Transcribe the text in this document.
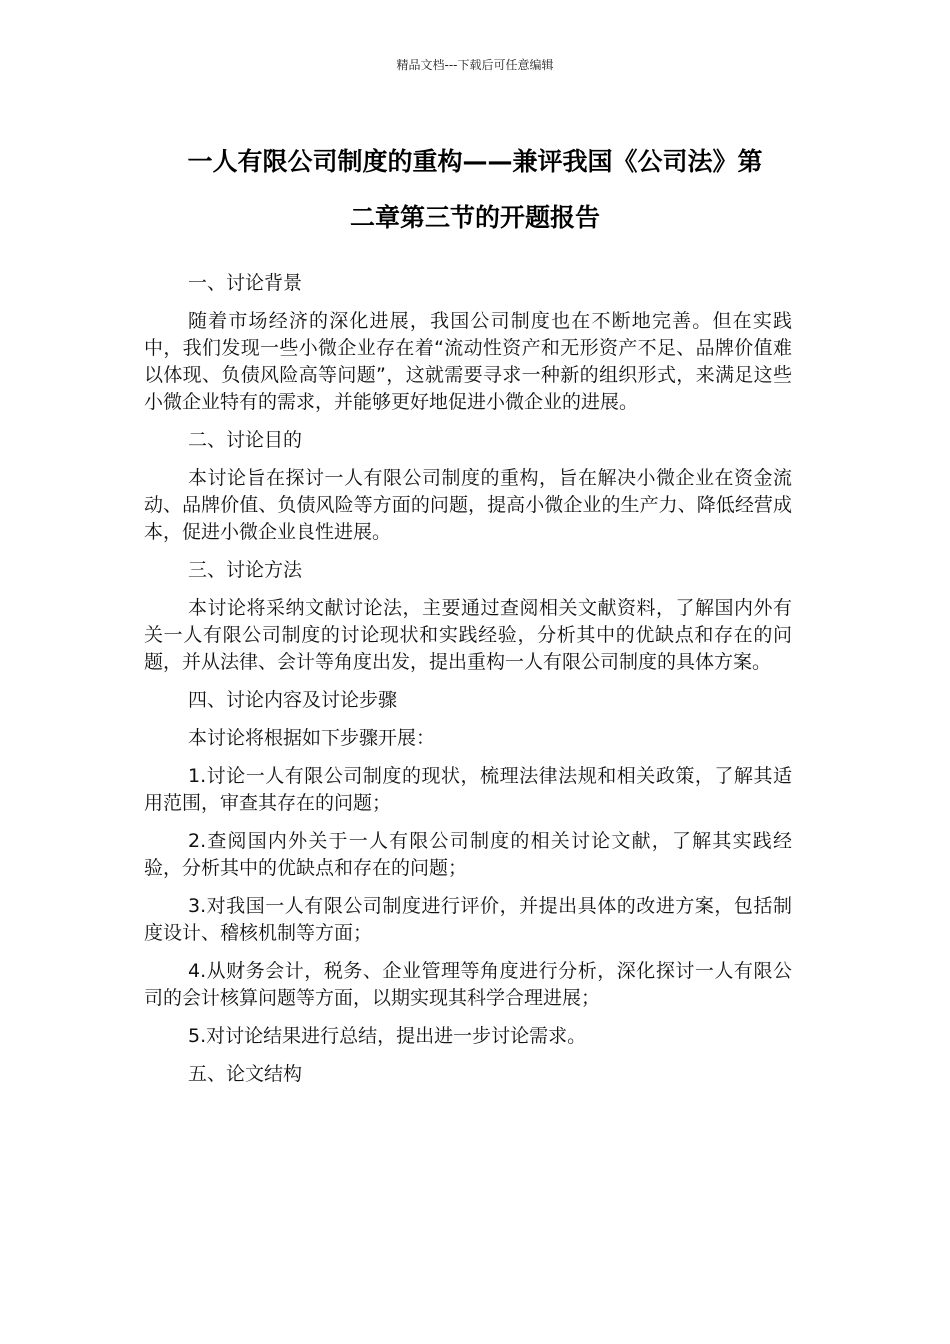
精品文档---下载后可任意编辑
一人有限公司制度的重构——兼评我国《公司法》第
二章第三节的开题报告

一、讨论背景

随着市场经济的深化进展，我国公司制度也在不断地完善。但在实践中，我们发现一些小微企业存在着“流动性资产和无形资产不足、品牌价值难以体现、负债风险高等问题”，这就需要寻求一种新的组织形式，来满足这些小微企业特有的需求，并能够更好地促进小微企业的进展。

二、讨论目的

本讨论旨在探讨一人有限公司制度的重构，旨在解决小微企业在资金流动、品牌价值、负债风险等方面的问题，提高小微企业的生产力、降低经营成本，促进小微企业良性进展。

三、讨论方法

本讨论将采纳文献讨论法，主要通过查阅相关文献资料，了解国内外有关一人有限公司制度的讨论现状和实践经验，分析其中的优缺点和存在的问题，并从法律、会计等角度出发，提出重构一人有限公司制度的具体方案。

四、讨论内容及讨论步骤

本讨论将根据如下步骤开展：

1.讨论一人有限公司制度的现状，梳理法律法规和相关政策，了解其适用范围，审查其存在的问题；

2.查阅国内外关于一人有限公司制度的相关讨论文献，了解其实践经验，分析其中的优缺点和存在的问题；

3.对我国一人有限公司制度进行评价，并提出具体的改进方案，包括制度设计、稽核机制等方面；

4.从财务会计，税务、企业管理等角度进行分析，深化探讨一人有限公司的会计核算问题等方面，以期实现其科学合理进展；

5.对讨论结果进行总结，提出进一步讨论需求。

五、论文结构
